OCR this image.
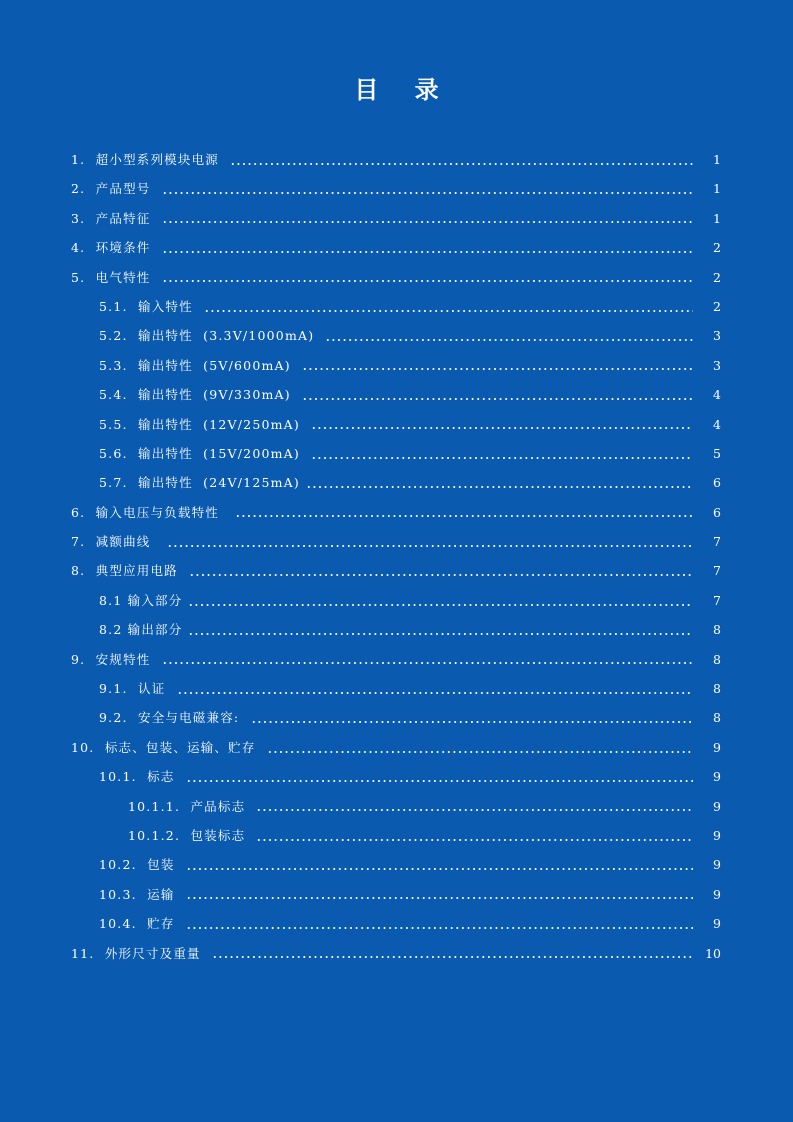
目 录
1.  超小型系列模块电源	1
2.  产品型号	1
3.  产品特征	1
4.  环境条件	2
5.  电气特性	2
5.1.  输入特性	2
5.2.  输出特性  (3.3V/1000mA)	3
5.3.  输出特性  (5V/600mA)	3
5.4.  输出特性  (9V/330mA)	4
5.5.  输出特性  (12V/250mA)	4
5.6.  输出特性  (15V/200mA)	5
5.7.  输出特性  (24V/125mA)	6
6.  输入电压与负载特性	6
7.  减额曲线	7
8.  典型应用电路	7
8.1 输入部分	7
8.2 输出部分	8
9.  安规特性	8
9.1.  认证	8
9.2.  安全与电磁兼容:	8
10.  标志、包装、运输、贮存	9
10.1.  标志	9
10.1.1.  产品标志	9
10.1.2.  包装标志	9
10.2.  包装	9
10.3.  运输	9
10.4.  贮存	9
11.  外形尺寸及重量	10
